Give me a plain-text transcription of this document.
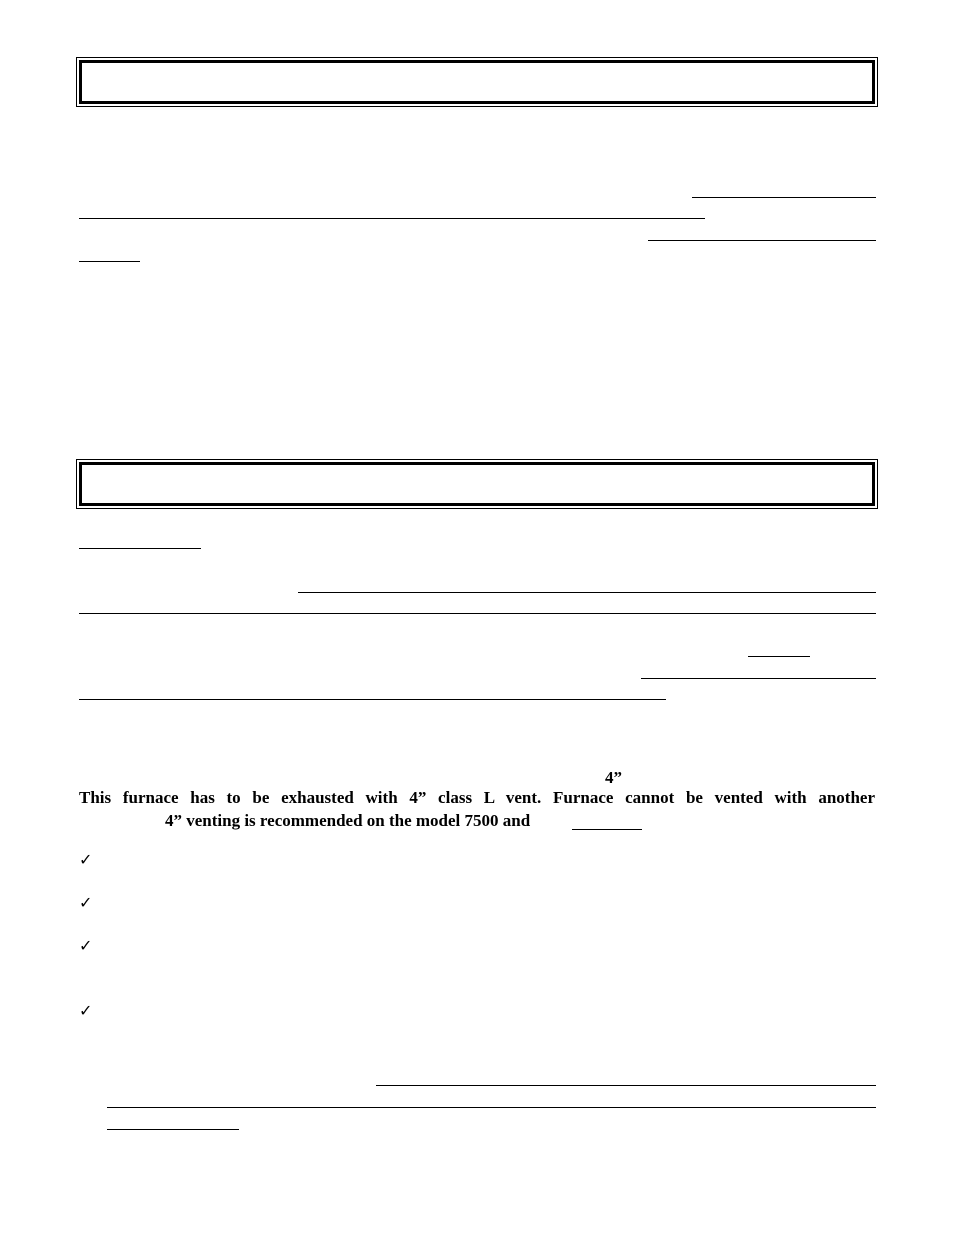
4”
This furnace has to be exhausted with 4” class L vent. Furnace cannot be vented with another
4” venting is recommended on the model 7500 and
✓
✓
✓
✓
